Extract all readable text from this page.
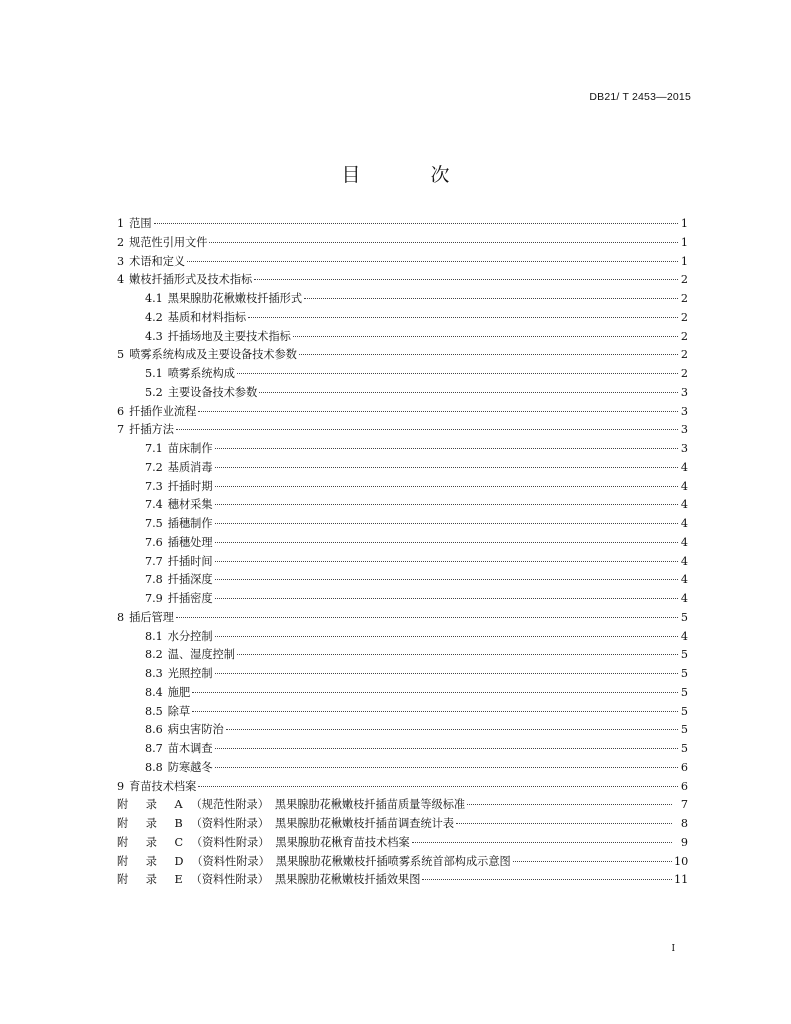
DB21/ T 2453—2015
目 次
1 范围	1
2 规范性引用文件	1
3 术语和定义	1
4 嫩枝扦插形式及技术指标	2
4.1 黑果腺肋花楸嫩枝扦插形式	2
4.2 基质和材料指标	2
4.3 扦插场地及主要技术指标	2
5 喷雾系统构成及主要设备技术参数	2
5.1 喷雾系统构成	2
5.2 主要设备技术参数	3
6 扦插作业流程	3
7 扦插方法	3
7.1 苗床制作	3
7.2 基质消毒	4
7.3 扦插时期	4
7.4 穗材采集	4
7.5 插穗制作	4
7.6 插穗处理	4
7.7 扦插时间	4
7.8 扦插深度	4
7.9 扦插密度	4
8 插后管理	5
8.1 水分控制	4
8.2 温、湿度控制	5
8.3 光照控制	5
8.4 施肥	5
8.5 除草	5
8.6 病虫害防治	5
8.7 苗木调查	5
8.8 防寒越冬	6
9 育苗技术档案	6
附 录 A （规范性附录） 黑果腺肋花楸嫩枝扦插苗质量等级标准	7
附 录 B （资料性附录） 黑果腺肋花楸嫩枝扦插苗调查统计表	8
附 录 C （资料性附录） 黑果腺肋花楸育苗技术档案	9
附 录 D （资料性附录） 黑果腺肋花楸嫩枝扦插喷雾系统首部构成示意图	10
附 录 E （资料性附录） 黑果腺肋花楸嫩枝扦插效果图	11
I
